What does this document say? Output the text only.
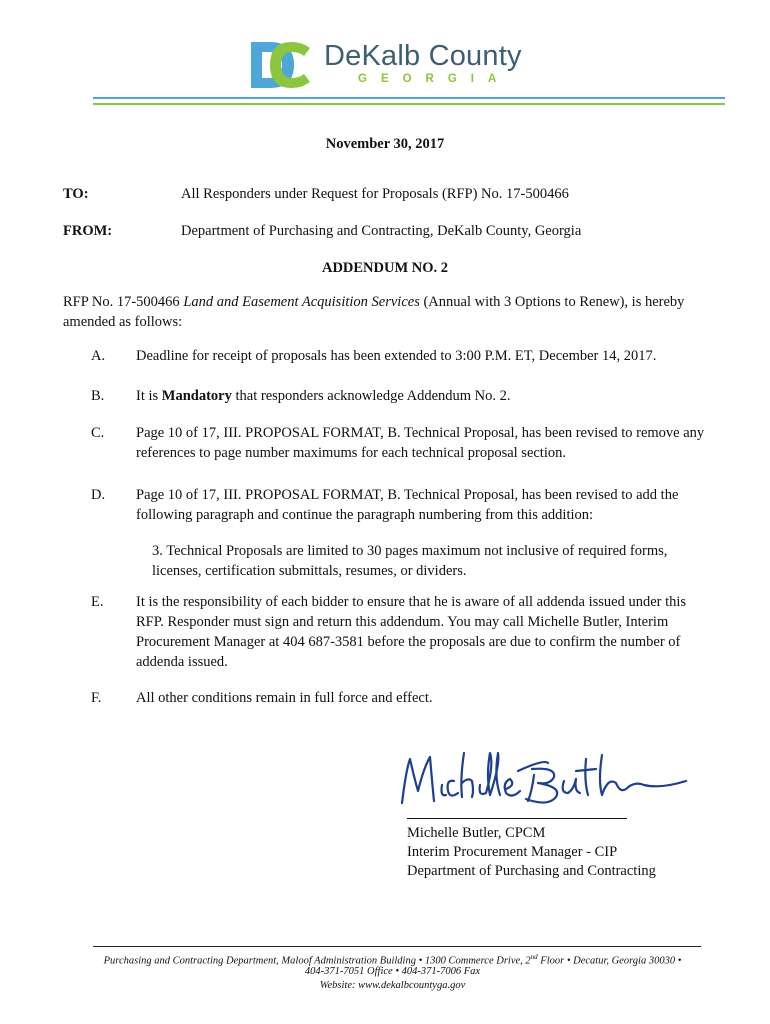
DeKalb County
GEORGIA
November 30, 2017
TO:	All Responders under Request for Proposals (RFP) No. 17-500466
FROM:	Department of Purchasing and Contracting, DeKalb County, Georgia
ADDENDUM NO. 2
RFP No. 17-500466 Land and Easement Acquisition Services (Annual with 3 Options to Renew), is hereby amended as follows:
A. Deadline for receipt of proposals has been extended to 3:00 P.M. ET, December 14, 2017.
B. It is Mandatory that responders acknowledge Addendum No. 2.
C. Page 10 of 17, III. PROPOSAL FORMAT, B. Technical Proposal, has been revised to remove any references to page number maximums for each technical proposal section.
D. Page 10 of 17, III. PROPOSAL FORMAT, B. Technical Proposal, has been revised to add the following paragraph and continue the paragraph numbering from this addition:
3. Technical Proposals are limited to 30 pages maximum not inclusive of required forms, licenses, certification submittals, resumes, or dividers.
E. It is the responsibility of each bidder to ensure that he is aware of all addenda issued under this RFP. Responder must sign and return this addendum. You may call Michelle Butler, Interim Procurement Manager at 404 687-3581 before the proposals are due to confirm the number of addenda issued.
F. All other conditions remain in full force and effect.
Michelle Butler, CPCM
Interim Procurement Manager - CIP
Department of Purchasing and Contracting
Purchasing and Contracting Department, Maloof Administration Building • 1300 Commerce Drive, 2nd Floor • Decatur, Georgia 30030 •
404-371-7051 Office • 404-371-7006 Fax
Website: www.dekalbcountyga.gov
